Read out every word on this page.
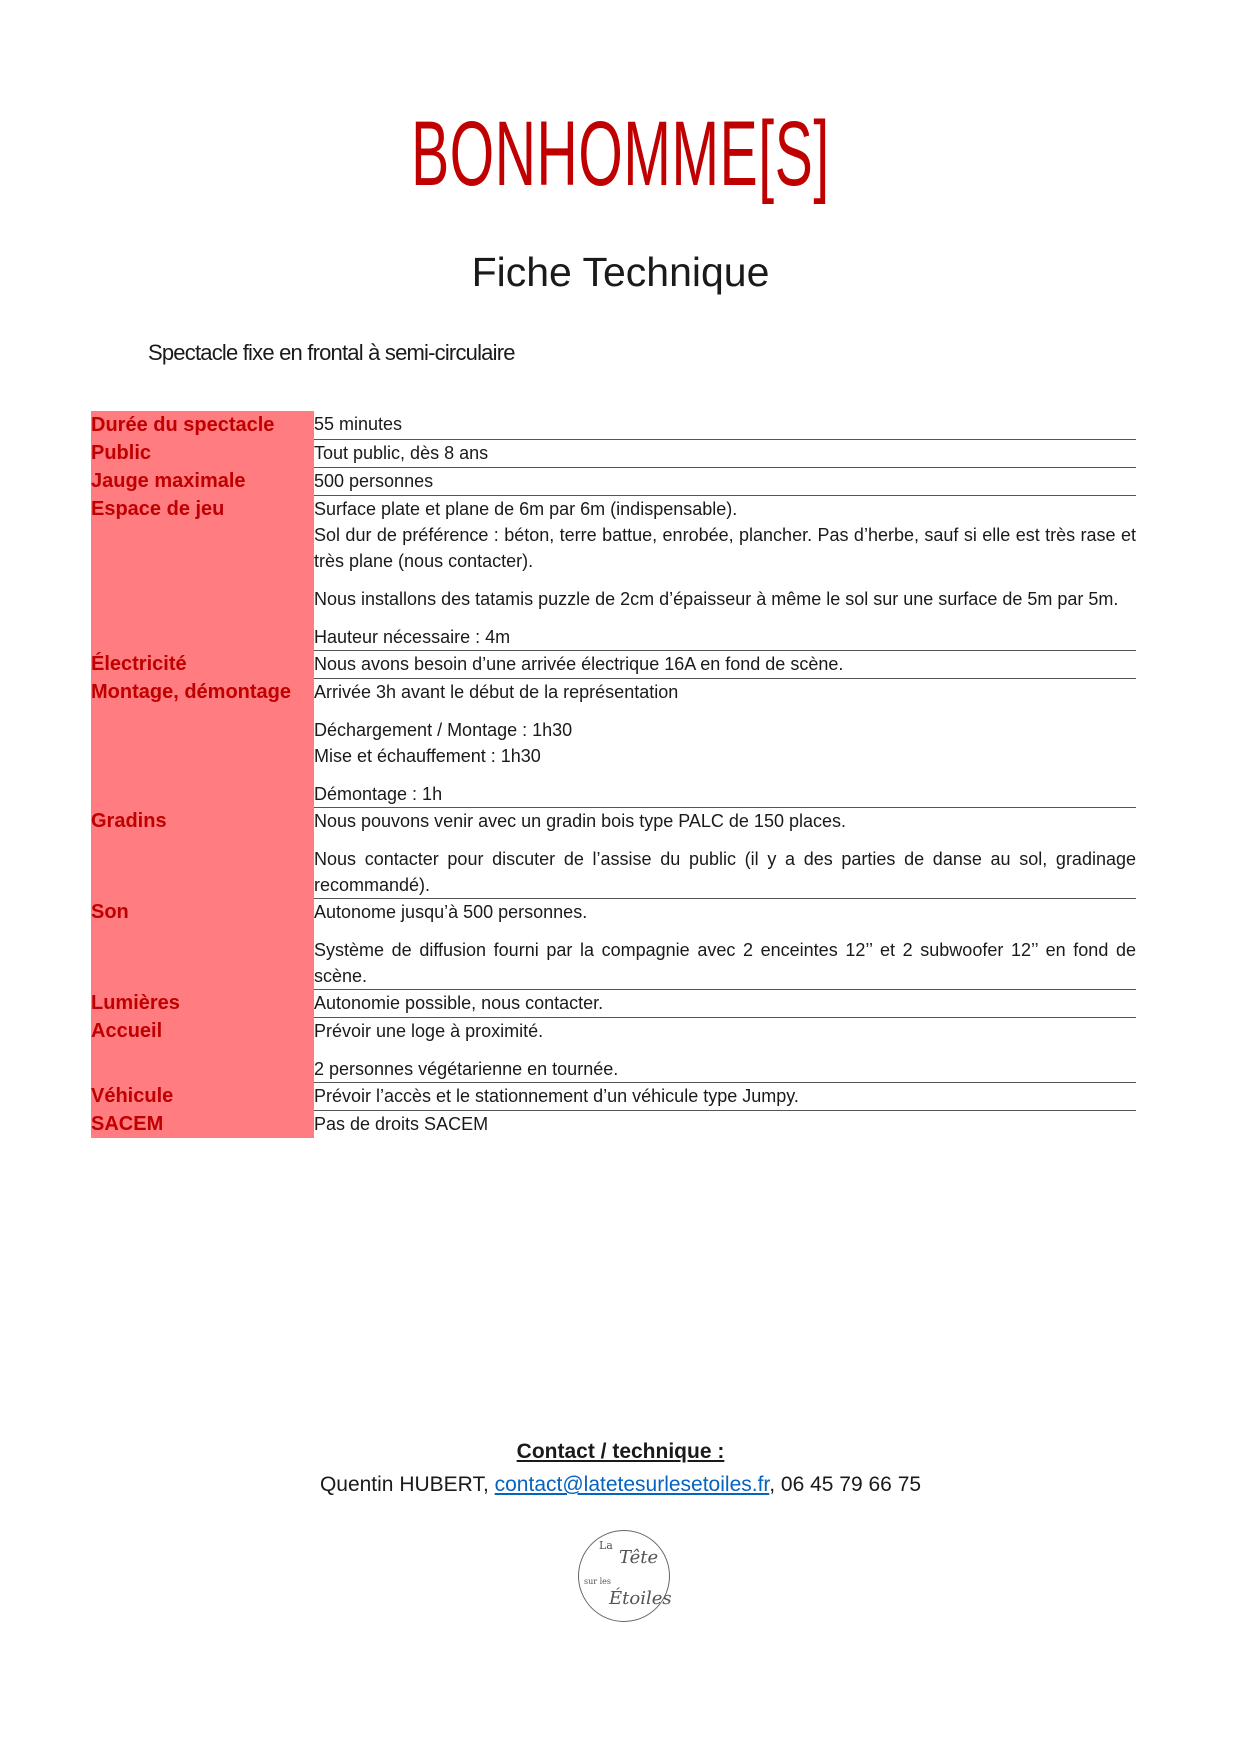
BONHOMME[S]
Fiche Technique
Spectacle fixe en frontal à semi-circulaire
Durée du spectacle	55 minutes

Public	Tout public, dès 8 ans

Jauge maximale	500 personnes

Espace de jeu	Surface plate et plane de 6m par 6m (indispensable).
Sol dur de préférence : béton, terre battue, enrobée, plancher. Pas d’herbe, sauf si elle est très rase et très plane (nous contacter).

Nous installons des tatamis puzzle de 2cm d’épaisseur à même le sol sur une surface de 5m par 5m.

Hauteur nécessaire : 4m

Électricité	Nous avons besoin d’une arrivée électrique 16A en fond de scène.

Montage, démontage	Arrivée 3h avant le début de la représentation

Déchargement / Montage : 1h30
Mise et échauffement : 1h30

Démontage : 1h

Gradins	Nous pouvons venir avec un gradin bois type PALC de 150 places.

Nous contacter pour discuter de l’assise du public (il y a des parties de danse au sol, gradinage recommandé).

Son	Autonome jusqu’à 500 personnes.

Système de diffusion fourni par la compagnie avec 2 enceintes 12’’ et 2 subwoofer 12’’ en fond de scène.

Lumières	Autonomie possible, nous contacter.

Accueil	Prévoir une loge à proximité.

2 personnes végétarienne en tournée.

Véhicule	Prévoir l’accès et le stationnement d’un véhicule type Jumpy.

SACEM	Pas de droits SACEM

Contact / technique :
Quentin HUBERT, contact@latetesurlesetoiles.fr, 06 45 79 66 75
La
Tête
sur les
Étoiles
